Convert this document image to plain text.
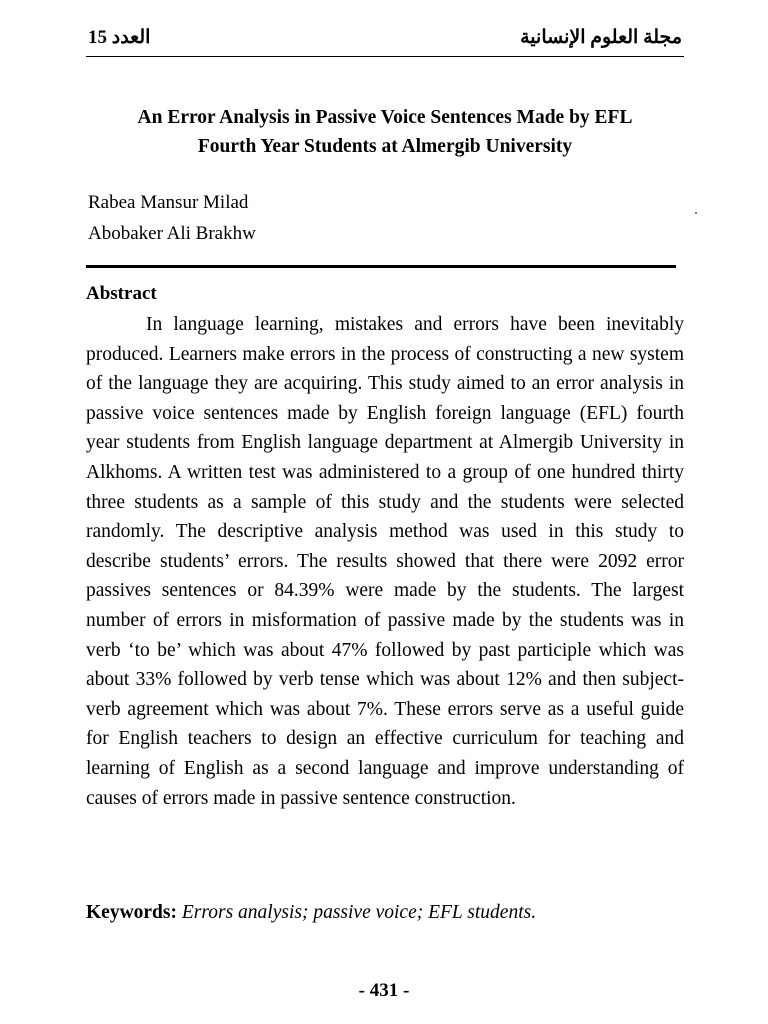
العدد 15	مجلة العلوم الإنسانية
An Error Analysis in Passive Voice Sentences Made by EFL
Fourth Year Students at Almergib University
Rabea Mansur Milad
Abobaker Ali Brakhw
Abstract

In language learning, mistakes and errors have been inevitably produced. Learners make errors in the process of constructing a new system of the language they are acquiring. This study aimed to an error analysis in passive voice sentences made by English foreign language (EFL) fourth year students from English language department at Almergib University in Alkhoms. A written test was administered to a group of one hundred thirty three students as a sample of this study and the students were selected randomly. The descriptive analysis method was used in this study to describe students’ errors. The results showed that there were 2092 error passives sentences or 84.39% were made by the students. The largest number of errors in misformation of passive made by the students was in verb ‘to be’ which was about 47% followed by past participle which was about 33% followed by verb tense which was about 12% and then subject-verb agreement which was about 7%. These errors serve as a useful guide for English teachers to design an effective curriculum for teaching and learning of English as a second language and improve understanding of causes of errors made in passive sentence construction.

Keywords: Errors analysis; passive voice; EFL students.
- 431 -
